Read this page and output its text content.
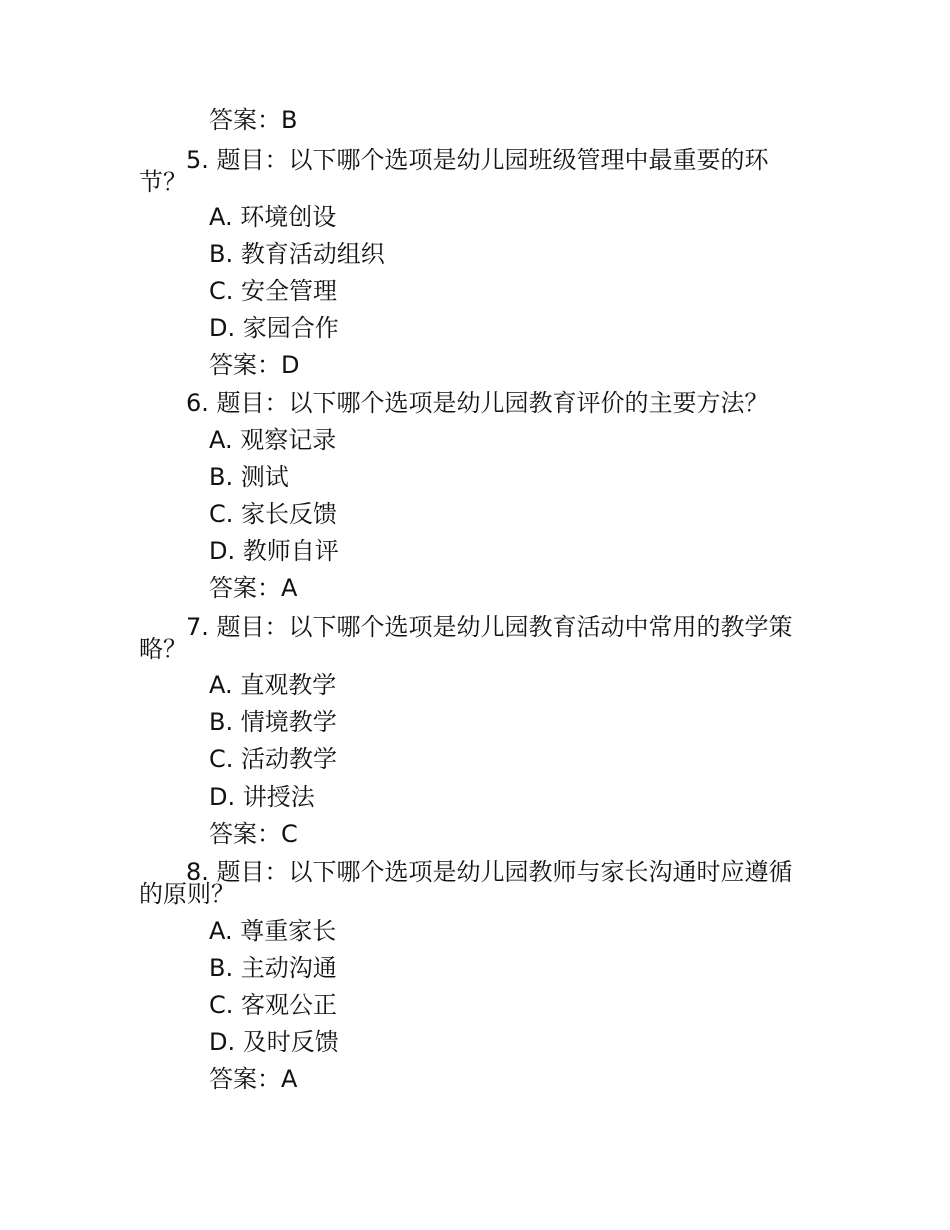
答案：B
5. 题目：以下哪个选项是幼儿园班级管理中最重要的环
节？
A. 环境创设
B. 教育活动组织
C. 安全管理
D. 家园合作
答案：D
6. 题目：以下哪个选项是幼儿园教育评价的主要方法？
A. 观察记录
B. 测试
C. 家长反馈
D. 教师自评
答案：A
7. 题目：以下哪个选项是幼儿园教育活动中常用的教学策
略？
A. 直观教学
B. 情境教学
C. 活动教学
D. 讲授法
答案：C
8. 题目：以下哪个选项是幼儿园教师与家长沟通时应遵循
的原则？
A. 尊重家长
B. 主动沟通
C. 客观公正
D. 及时反馈
答案：A
